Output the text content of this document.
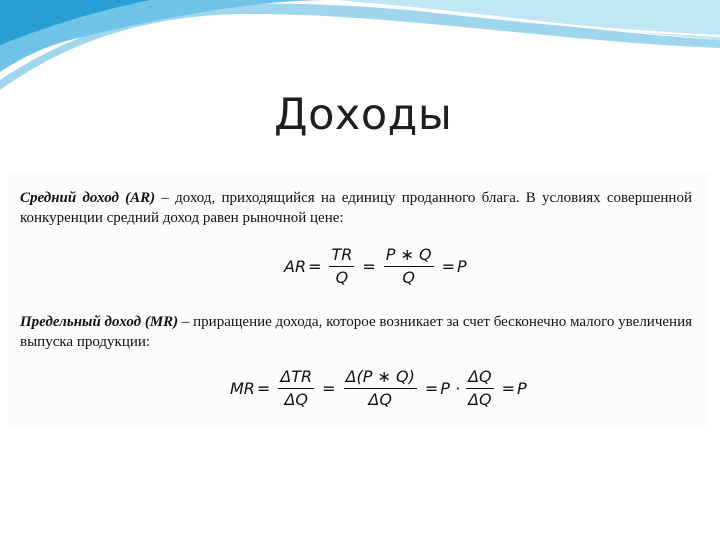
Доходы
Средний доход (AR) – доход, приходящийся на единицу проданного блага. В условиях совершенной конкуренции средний доход равен рыночной цене:
AR = $\frac{TR}{Q} = \frac{P ∗ Q}{Q} = P$
Предельный доход (MR) – приращение дохода, которое возникает за счет бесконечно малого увеличения выпуска продукции:
MR = $\frac{\text{ΔTR}}{\Delta Q} = \frac{\Delta(P ∗ Q)}{\Delta Q} = P \cdot \frac{\Delta Q}{\Delta Q} = P$
